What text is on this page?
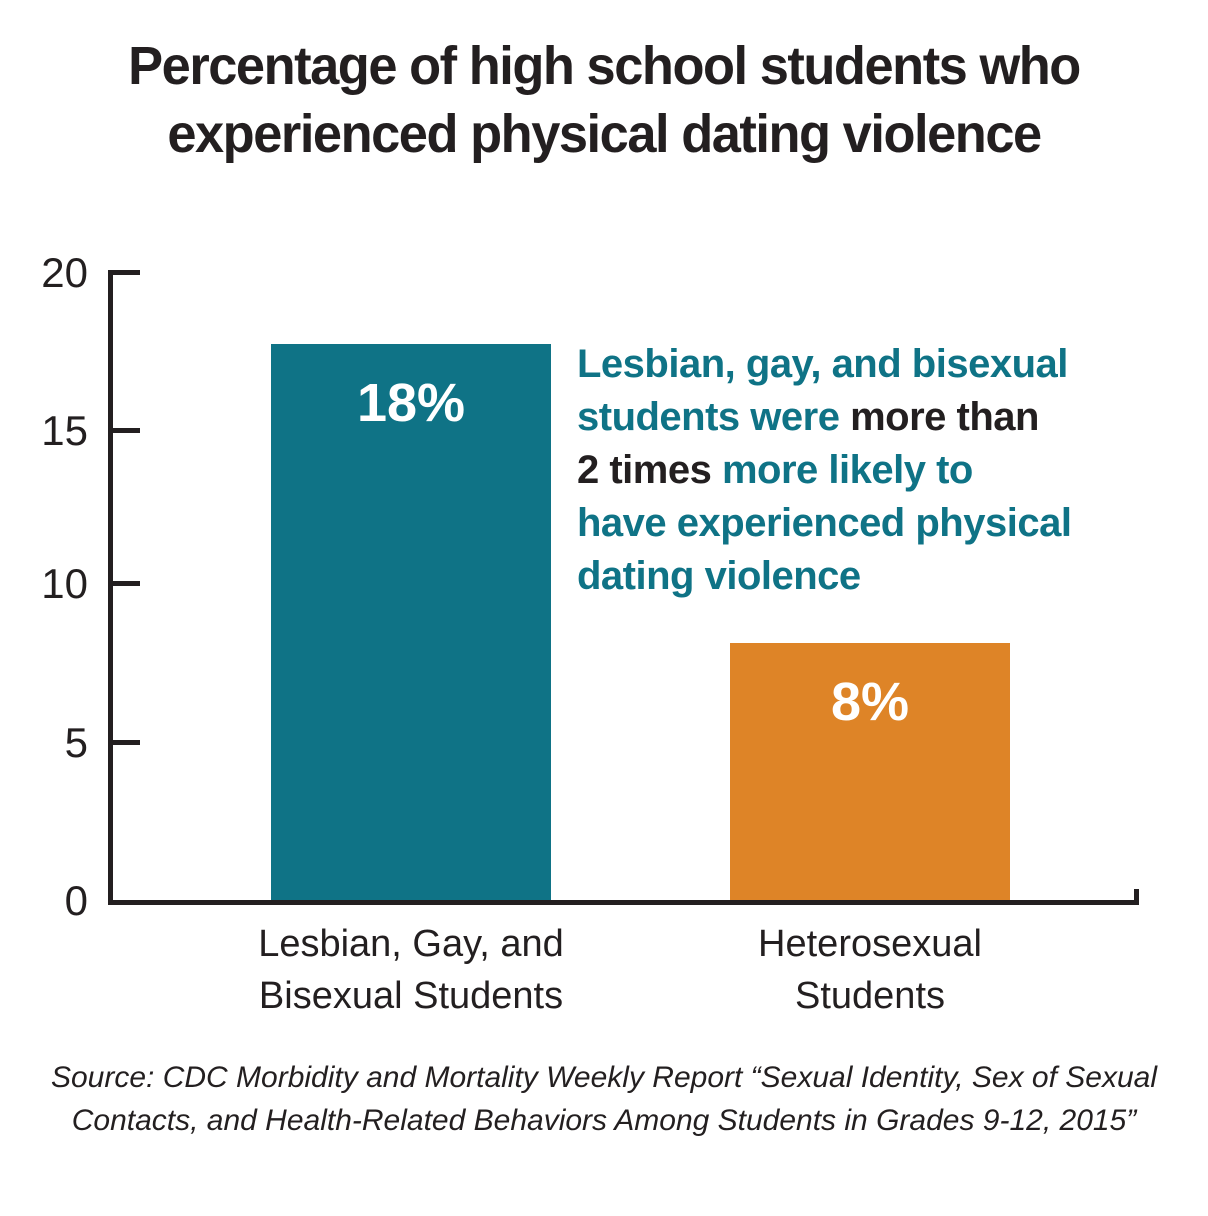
Percentage of high school students who
experienced physical dating violence
20
15
10
5
0
18%
8%
Lesbian, Gay, and
Bisexual Students
Heterosexual
Students
Lesbian, gay, and bisexual
students were more than
2 times more likely to
have experienced physical
dating violence
Source: CDC Morbidity and Mortality Weekly Report “Sexual Identity, Sex of Sexual
Contacts, and Health-Related Behaviors Among Students in Grades 9-12, 2015”
